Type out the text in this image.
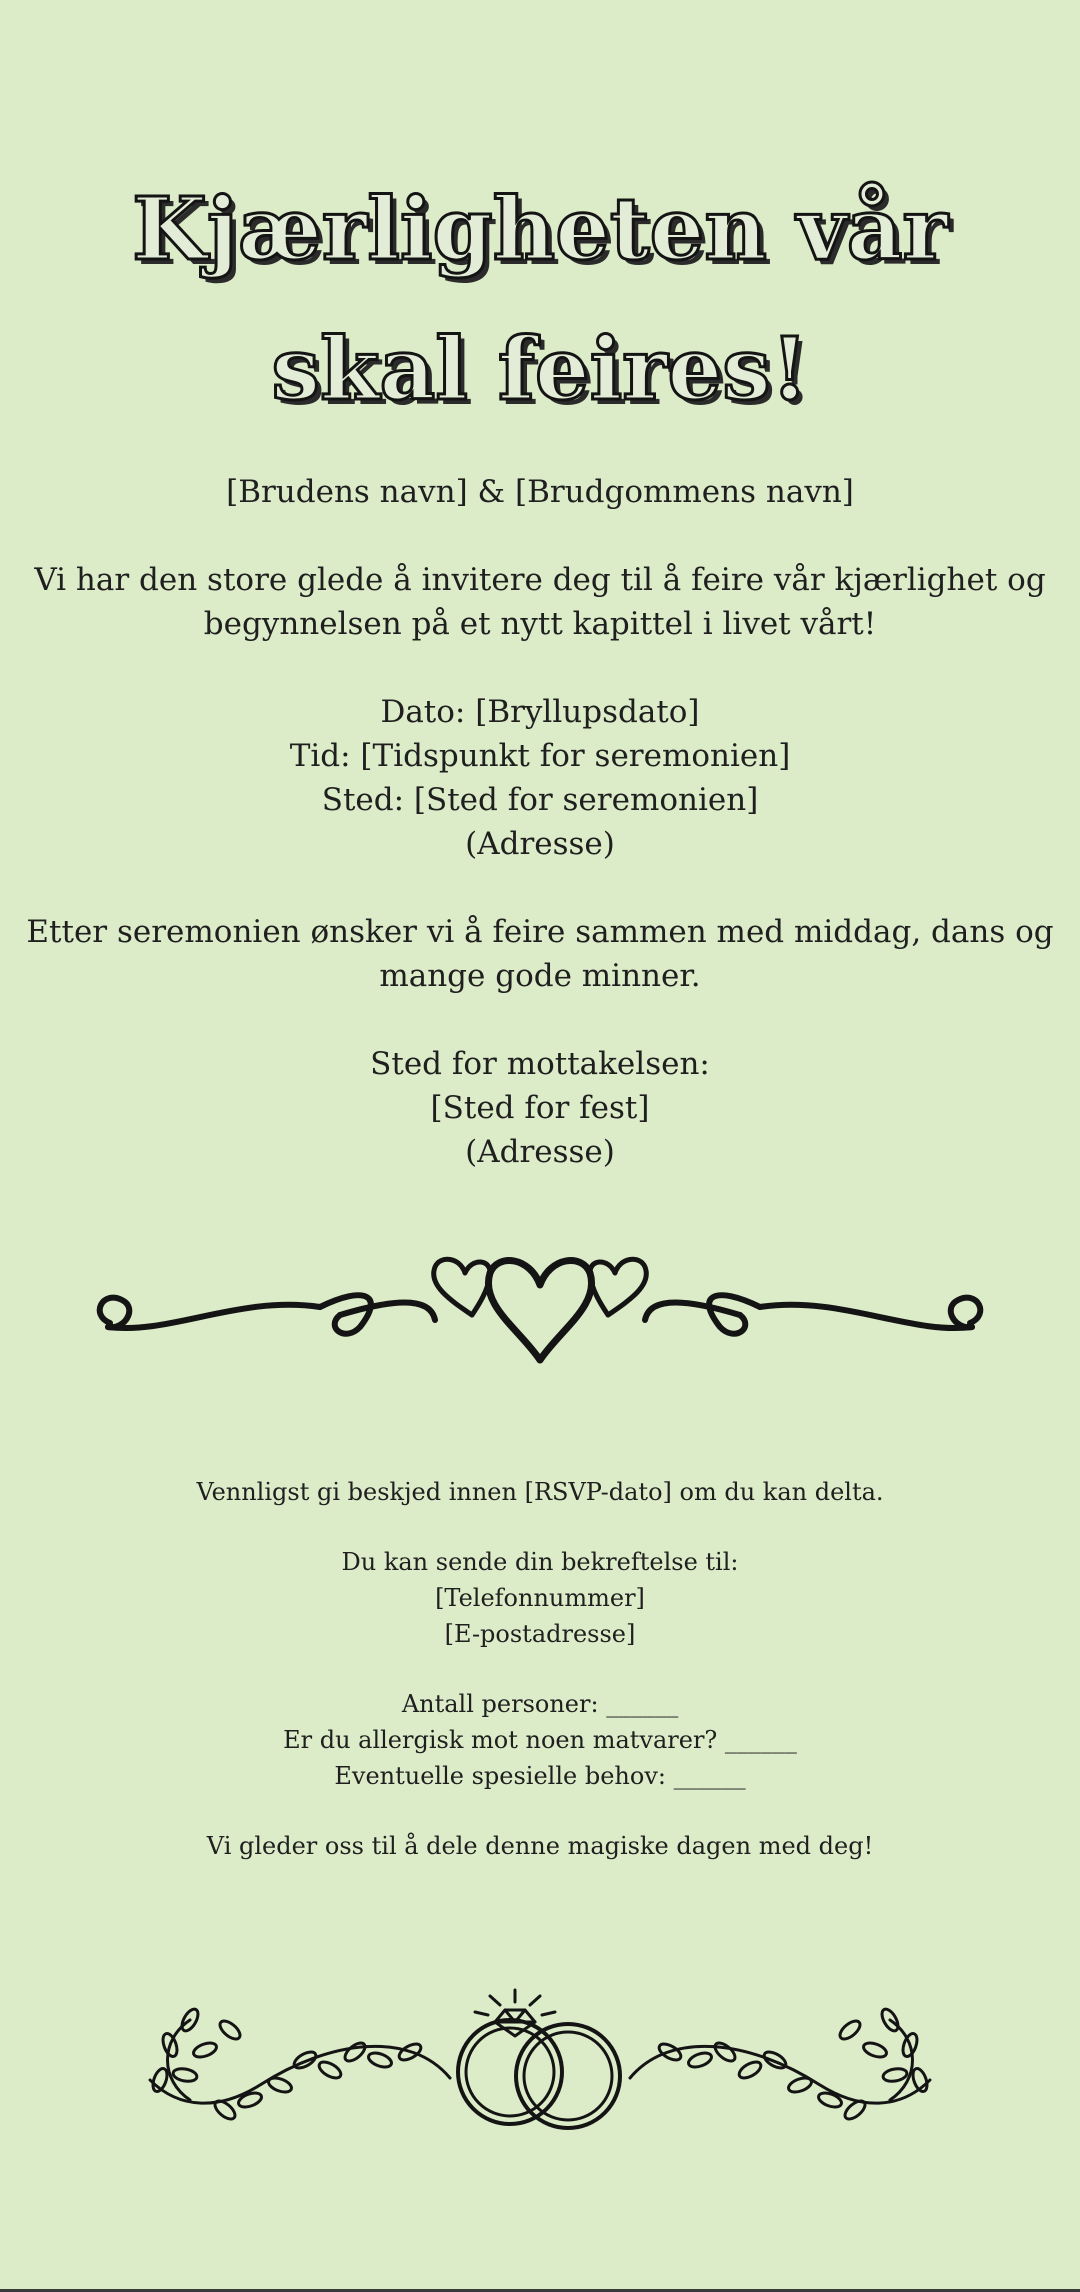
Kjærligheten vår skal feires!
[Brudens navn] & [Brudgommens navn]
Vi har den store glede å invitere deg til å feire vår kjærlighet og
begynnelsen på et nytt kapittel i livet vårt!
Dato: [Bryllupsdato]
Tid: [Tidspunkt for seremonien]
Sted: [Sted for seremonien]
(Adresse)
Etter seremonien ønsker vi å feire sammen med middag, dans og
mange gode minner.
Sted for mottakelsen:
[Sted for fest]
(Adresse)
Vennligst gi beskjed innen [RSVP-dato] om du kan delta.
Du kan sende din bekreftelse til:
[Telefonnummer]
[E-postadresse]
Antall personer: ______
Er du allergisk mot noen matvarer? ______
Eventuelle spesielle behov: ______
Vi gleder oss til å dele denne magiske dagen med deg!
